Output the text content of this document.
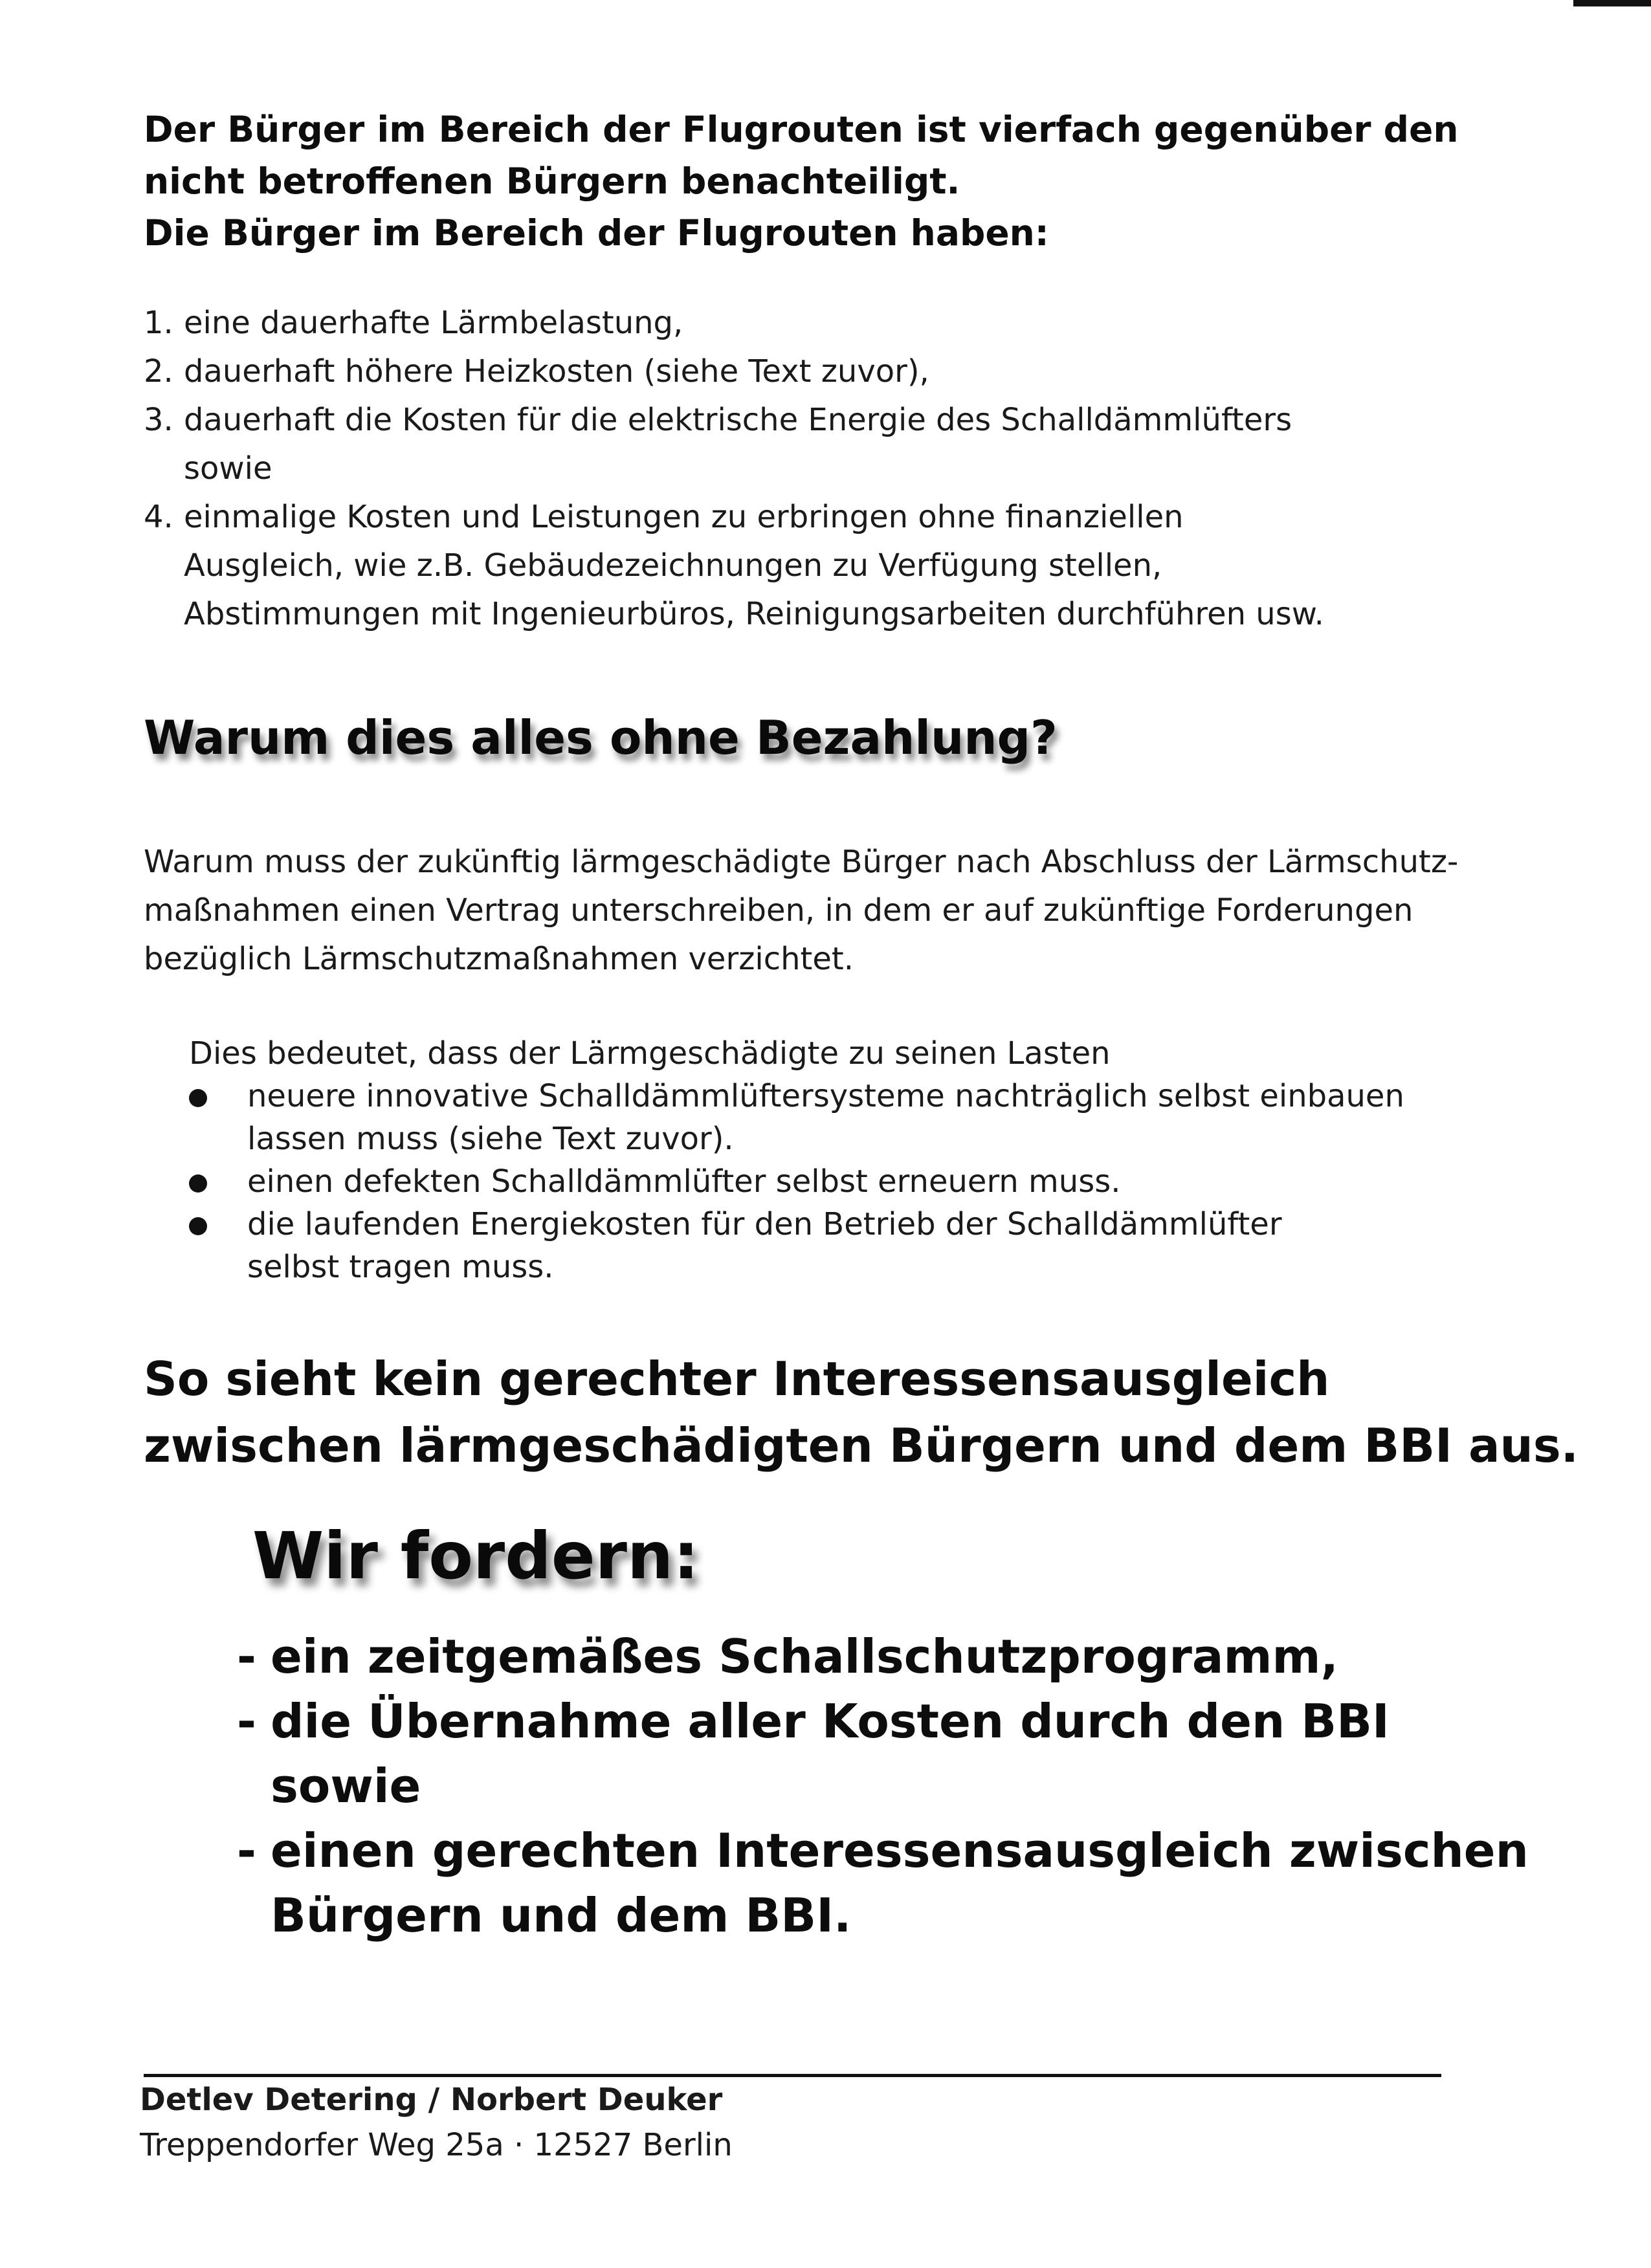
Der Bürger im Bereich der Flugrouten ist vierfach gegenüber den
nicht betroffenen Bürgern benachteiligt.
Die Bürger im Bereich der Flugrouten haben:
1. eine dauerhafte Lärmbelastung,
2. dauerhaft höhere Heizkosten (siehe Text zuvor),
3. dauerhaft die Kosten für die elektrische Energie des Schalldämmlüfters
sowie
4. einmalige Kosten und Leistungen zu erbringen ohne finanziellen
Ausgleich, wie z.B. Gebäudezeichnungen zu Verfügung stellen,
Abstimmungen mit Ingenieurbüros, Reinigungsarbeiten durchführen usw.
Warum dies alles ohne Bezahlung?
Warum muss der zukünftig lärmgeschädigte Bürger nach Abschluss der Lärmschutz-
maßnahmen einen Vertrag unterschreiben, in dem er auf zukünftige Forderungen
bezüglich Lärmschutzmaßnahmen verzichtet.
Dies bedeutet, dass der Lärmgeschädigte zu seinen Lasten
neuere innovative Schalldämmlüftersysteme nachträglich selbst einbauen
lassen muss (siehe Text zuvor).
einen defekten Schalldämmlüfter selbst erneuern muss.
die laufenden Energiekosten für den Betrieb der Schalldämmlüfter
selbst tragen muss.
So sieht kein gerechter Interessensausgleich
zwischen lärmgeschädigten Bürgern und dem BBI aus.
Wir fordern:
- ein zeitgemäßes Schallschutzprogramm,
- die Übernahme aller Kosten durch den BBI
sowie
- einen gerechten Interessensausgleich zwischen
Bürgern und dem BBI.
Detlev Detering / Norbert Deuker
Treppendorfer Weg 25a · 12527 Berlin
